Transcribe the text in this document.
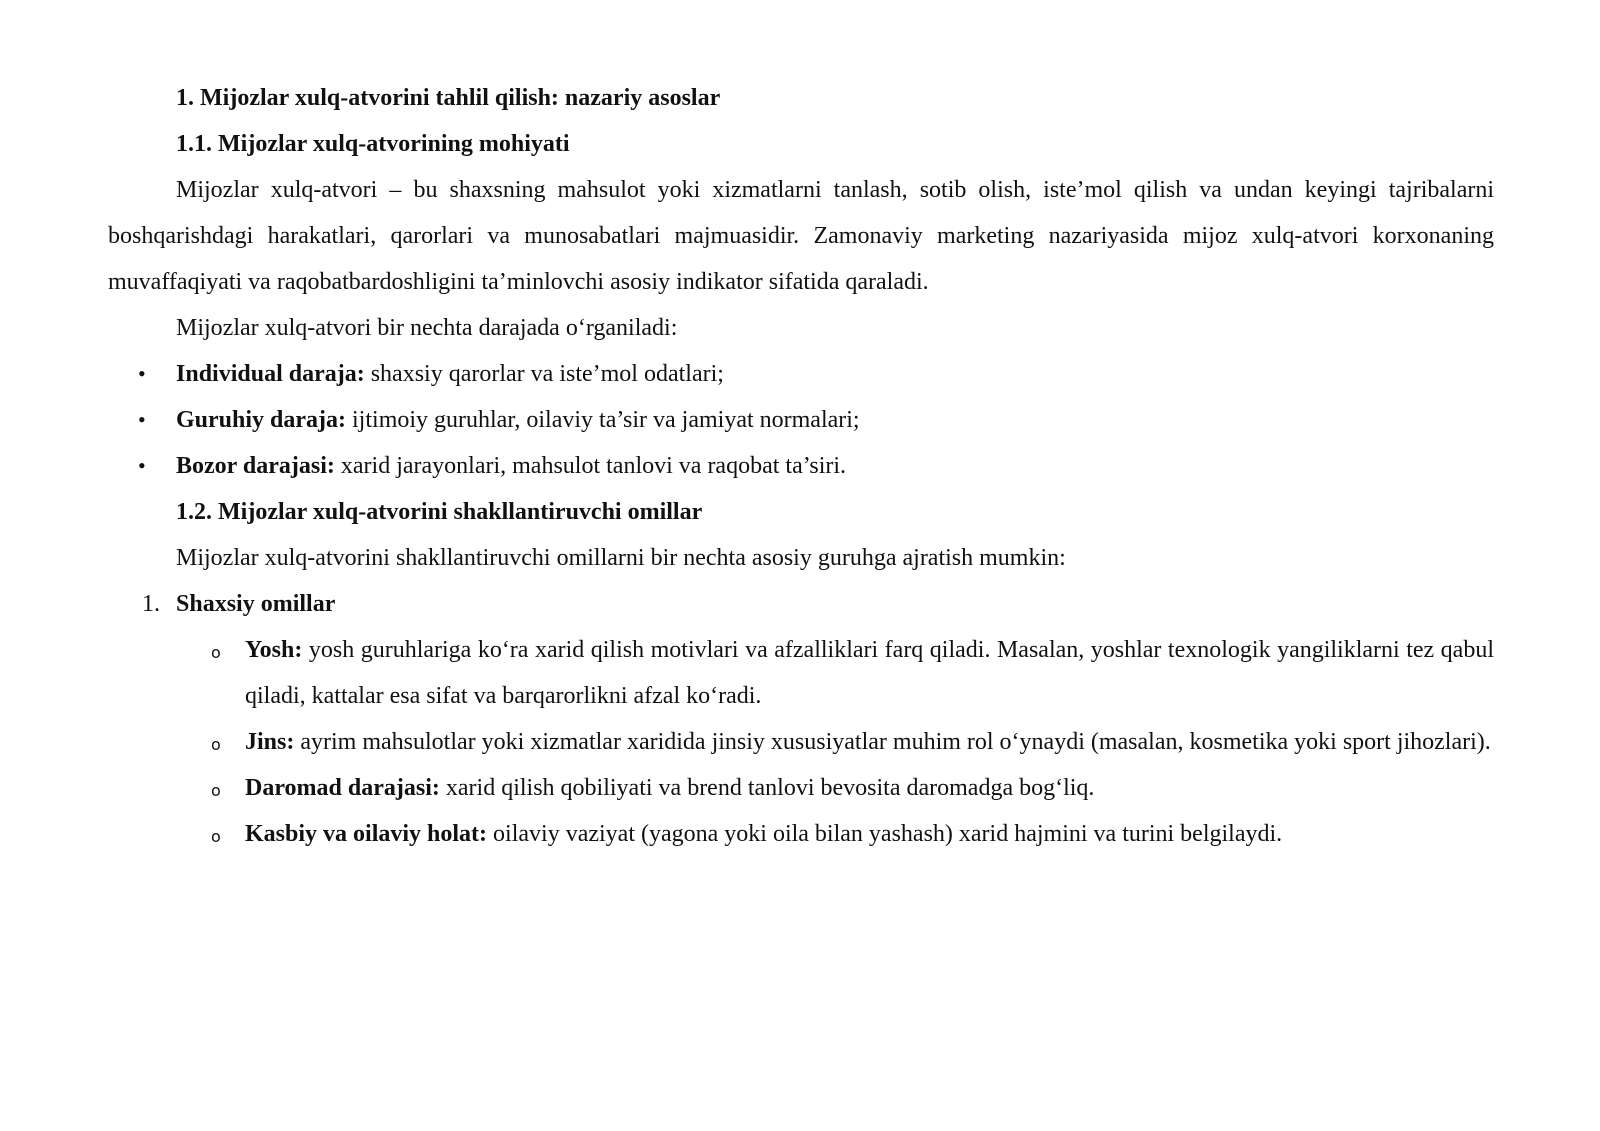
1. Mijozlar xulq-atvorini tahlil qilish: nazariy asoslar

1.1. Mijozlar xulq-atvorining mohiyati

Mijozlar xulq-atvori – bu shaxsning mahsulot yoki xizmatlarni tanlash, sotib olish, iste’mol qilish va undan keyingi tajribalarni boshqarishdagi harakatlari, qarorlari va munosabatlari majmuasidir. Zamonaviy marketing nazariyasida mijoz xulq-atvori korxonaning muvaffaqiyati va raqobatbardoshligini ta’minlovchi asosiy indikator sifatida qaraladi.

Mijozlar xulq-atvori bir nechta darajada o‘rganiladi:

• Individual daraja: shaxsiy qarorlar va iste’mol odatlari;
• Guruhiy daraja: ijtimoiy guruhlar, oilaviy ta’sir va jamiyat normalari;
• Bozor darajasi: xarid jarayonlari, mahsulot tanlovi va raqobat ta’siri.

1.2. Mijozlar xulq-atvorini shakllantiruvchi omillar

Mijozlar xulq-atvorini shakllantiruvchi omillarni bir nechta asosiy guruhga ajratish mumkin:

1. Shaxsiy omillar
o Yosh: yosh guruhlariga ko‘ra xarid qilish motivlari va afzalliklari farq qiladi. Masalan, yoshlar texnologik yangiliklarni tez qabul qiladi, kattalar esa sifat va barqarorlikni afzal ko‘radi.
o Jins: ayrim mahsulotlar yoki xizmatlar xaridida jinsiy xususiyatlar muhim rol o‘ynaydi (masalan, kosmetika yoki sport jihozlari).
o Daromad darajasi: xarid qilish qobiliyati va brend tanlovi bevosita daromadga bog‘liq.
o Kasbiy va oilaviy holat: oilaviy vaziyat (yagona yoki oila bilan yashash) xarid hajmini va turini belgilaydi.
